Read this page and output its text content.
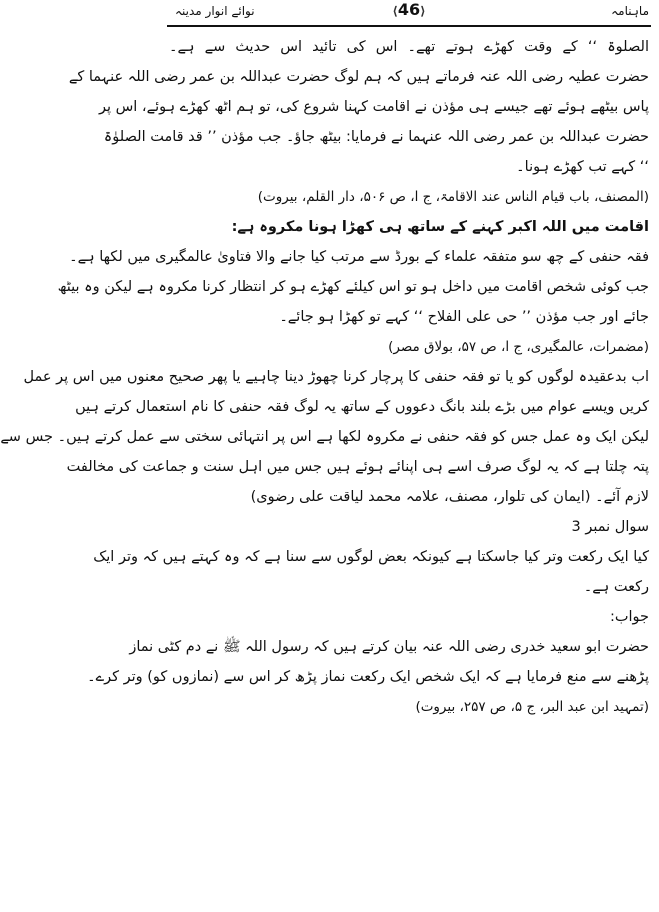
ماہنامہ
⟨46⟩
نوائے انوار مدینہ
الصلوۃ ‘‘ کے وقت کھڑے ہوتے تھے۔ اس کی تائید اس حدیث سے ہے۔
حضرت عطیہ رضی اللہ عنہ فرماتے ہیں کہ ہم لوگ حضرت عبداللہ بن عمر رضی اللہ عنہما کے
پاس بیٹھے ہوئے تھے جیسے ہی مؤذن نے اقامت کہنا شروع کی، تو ہم اٹھ کھڑے ہوئے، اس پر
حضرت عبداللہ بن عمر رضی اللہ عنہما نے فرمایا: بیٹھ جاؤ۔ جب مؤذن ’’ قد قامت الصلوٰۃ
‘‘ کہے تب کھڑے ہونا۔
(المصنف، باب قیام الناس عند الاقامۃ، ج ا، ص ۵۰۶، دار القلم، بیروت)
اقامت میں اللہ اکبر کہنے کے ساتھ ہی کھڑا ہونا مکروہ ہے:
فقہ حنفی کے چھ سو متفقہ علماء کے بورڈ سے مرتب کیا جانے والا فتاویٰ عالمگیری میں لکھا ہے۔
جب کوئی شخص اقامت میں داخل ہو تو اس کیلئے کھڑے ہو کر انتظار کرنا مکروہ ہے لیکن وہ بیٹھ
جائے اور جب مؤذن ’’ حی علی الفلاح ‘‘ کہے تو کھڑا ہو جائے۔
(مضمرات، عالمگیری، ج ا، ص ۵۷، بولاق مصر)
اب بدعقیدہ لوگوں کو یا تو فقہ حنفی کا پرچار کرنا چھوڑ دینا چاہیے یا پھر صحیح معنوں میں اس پر عمل
کریں ویسے عوام میں بڑے بلند بانگ دعووں کے ساتھ یہ لوگ فقہ حنفی کا نام استعمال کرتے ہیں
لیکن ایک وہ عمل جس کو فقہ حنفی نے مکروہ لکھا ہے اس پر انتہائی سختی سے عمل کرتے ہیں۔ جس سے
پتہ چلتا ہے کہ یہ لوگ صرف اسے ہی اپنائے ہوئے ہیں جس میں اہل سنت و جماعت کی مخالفت
لازم آئے۔ (ایمان کی تلوار، مصنف، علامہ محمد لیاقت علی رضوی)
سوال نمبر 3
کیا ایک رکعت وتر کیا جاسکتا ہے کیونکہ بعض لوگوں سے سنا ہے کہ وہ کہتے ہیں کہ وتر ایک
رکعت ہے۔
جواب:
حضرت ابو سعید خدری رضی اللہ عنہ بیان کرتے ہیں کہ رسول اللہ ﷺ نے دم کٹی نماز
پڑھنے سے منع فرمایا ہے کہ ایک شخص ایک رکعت نماز پڑھ کر اس سے (نمازوں کو) وتر کرے۔
(تمہید ابن عبد البر، ج ۵، ص ۲۵۷، بیروت)
